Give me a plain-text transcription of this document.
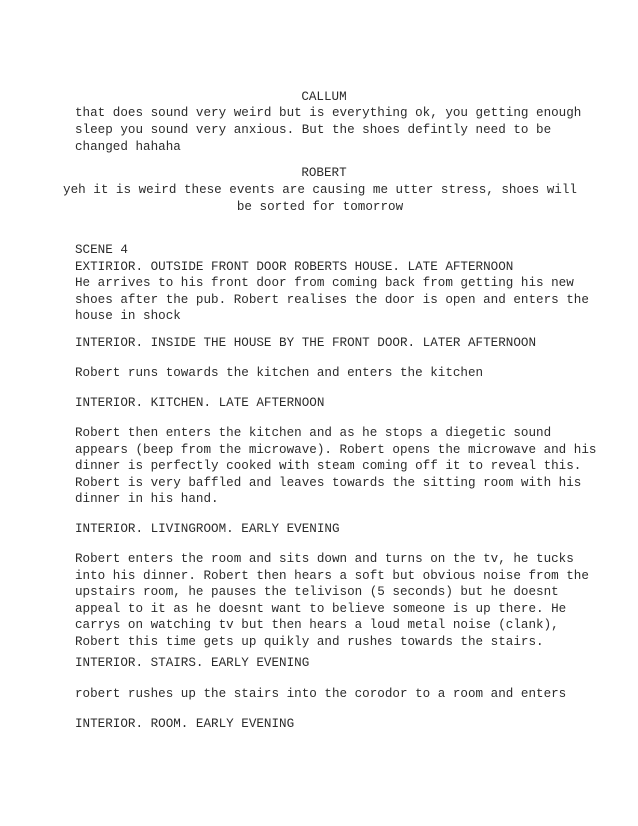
CALLUM
that does sound very weird but is everything ok, you getting enough
sleep you sound very anxious. But the shoes defintly need to be
changed hahaha
ROBERT
yeh it is weird these events are causing me utter stress, shoes will
be sorted for tomorrow
SCENE 4
EXTIRIOR. OUTSIDE FRONT DOOR ROBERTS HOUSE. LATE AFTERNOON
He arrives to his front door from coming back from getting his new
shoes after the pub. Robert realises the door is open and enters the
house in shock
INTERIOR. INSIDE THE HOUSE BY THE FRONT DOOR. LATER AFTERNOON
Robert runs towards the kitchen and enters the kitchen
INTERIOR. KITCHEN. LATE AFTERNOON
Robert then enters the kitchen and as he stops a diegetic sound
appears (beep from the microwave). Robert opens the microwave and his
dinner is perfectly cooked with steam coming off it to reveal this.
Robert is very baffled and leaves towards the sitting room with his
dinner in his hand.
INTERIOR. LIVINGROOM. EARLY EVENING
Robert enters the room and sits down and turns on the tv, he tucks
into his dinner. Robert then hears a soft but obvious noise from the
upstairs room, he pauses the telivison (5 seconds) but he doesnt
appeal to it as he doesnt want to believe someone is up there. He
carrys on watching tv but then hears a loud metal noise (clank),
Robert this time gets up quikly and rushes towards the stairs.
INTERIOR. STAIRS. EARLY EVENING
robert rushes up the stairs into the corodor to a room and enters
INTERIOR. ROOM. EARLY EVENING
